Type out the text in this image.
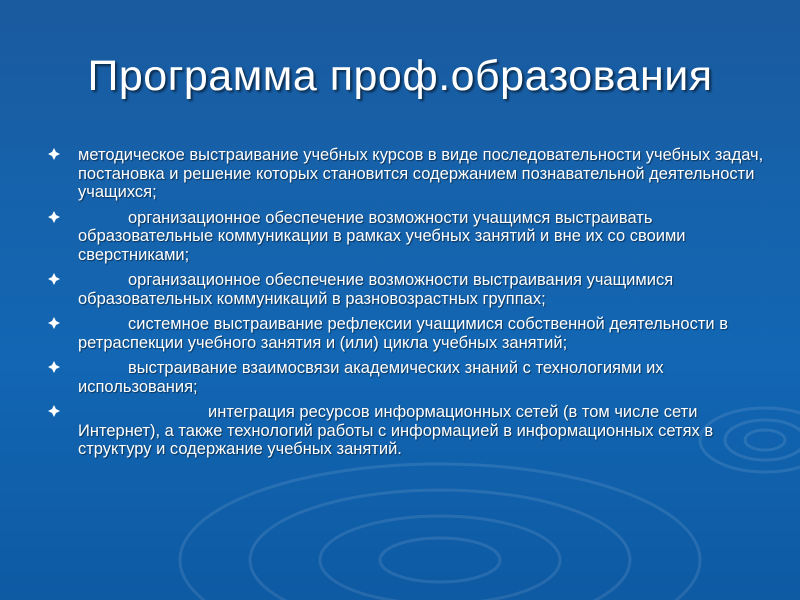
Программа проф.образования
методическое выстраивание учебных курсов в виде последовательности учебных задач, постановка и решение которых становится содержанием познавательной деятельности учащихся;
организационное обеспечение возможности учащимся выстраивать образовательные коммуникации в рамках учебных занятий и вне их со своими сверстниками;
организационное обеспечение возможности выстраивания учащимися образовательных коммуникаций в разновозрастных группах;
системное выстраивание рефлексии учащимися собственной деятельности в ретраспекции учебного занятия и (или) цикла учебных занятий;
выстраивание взаимосвязи академических знаний с технологиями их использования;
интеграция ресурсов информационных сетей (в том числе сети Интернет), а также технологий работы с информацией в информационных сетях в структуру и содержание учебных занятий.
